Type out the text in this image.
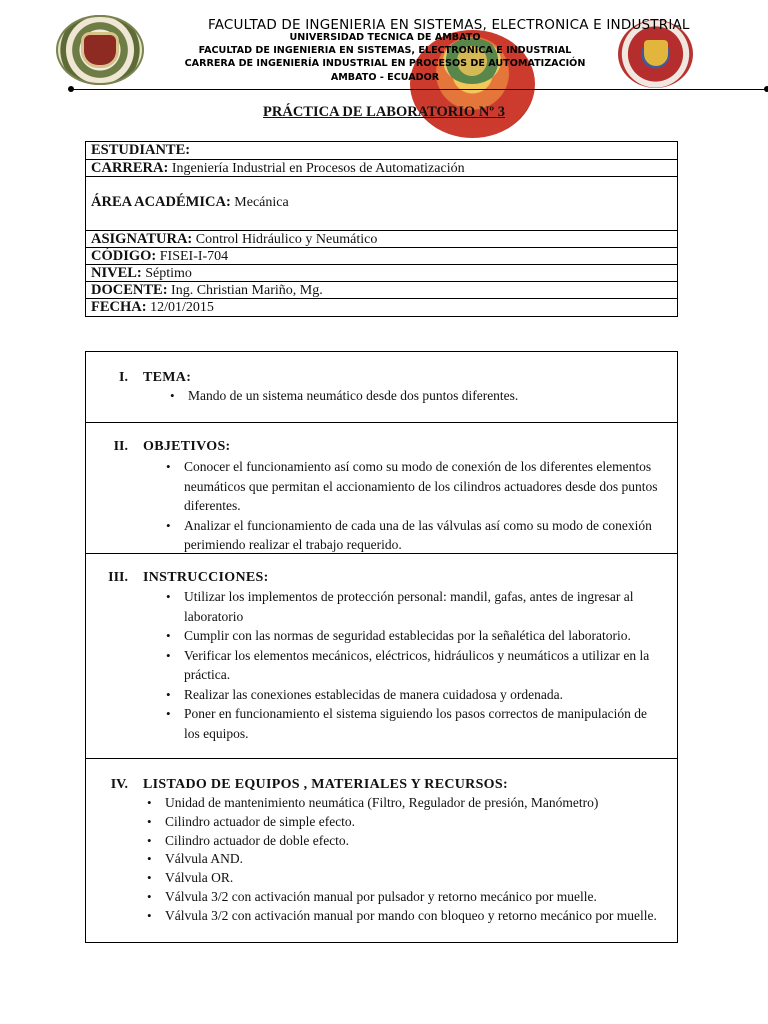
FACULTAD DE INGENIERIA EN SISTEMAS, ELECTRONICA E INDUSTRIAL
UNIVERSIDAD TECNICA DE AMBATO
FACULTAD DE INGENIERIA EN SISTEMAS, ELECTRONICA E INDUSTRIAL
CARRERA DE INGENIERÍA INDUSTRIAL EN PROCESOS DE AUTOMATIZACIÓN
AMBATO - ECUADOR
PRÁCTICA DE LABORATORIO Nº 3
ESTUDIANTE:
CARRERA: Ingeniería Industrial en Procesos de Automatización
ÁREA ACADÉMICA: Mecánica
ASIGNATURA: Control Hidráulico y Neumático
CÓDIGO: FISEI-I-704
NIVEL: Séptimo
DOCENTE: Ing. Christian Mariño, Mg.
FECHA: 12/01/2015
I. TEMA:
• Mando de un sistema neumático desde dos puntos diferentes.
II. OBJETIVOS:
• Conocer el funcionamiento así como su modo de conexión de los diferentes elementos neumáticos que permitan el accionamiento de los cilindros actuadores desde dos puntos diferentes.
• Analizar el funcionamiento de cada una de las válvulas así como su modo de conexión perimiendo realizar el trabajo requerido.
III. INSTRUCCIONES:
• Utilizar los implementos de protección personal: mandil, gafas, antes de ingresar al laboratorio
• Cumplir con las normas de seguridad establecidas por la señalética del laboratorio.
• Verificar los elementos mecánicos, eléctricos, hidráulicos y neumáticos a utilizar en la práctica.
• Realizar las conexiones establecidas de manera cuidadosa y ordenada.
• Poner en funcionamiento el sistema siguiendo los pasos correctos de manipulación de los equipos.
IV. LISTADO DE EQUIPOS , MATERIALES Y RECURSOS:
• Unidad de mantenimiento neumática (Filtro, Regulador de presión, Manómetro)
• Cilindro actuador de simple efecto.
• Cilindro actuador de doble efecto.
• Válvula AND.
• Válvula OR.
• Válvula 3/2 con activación manual por pulsador y retorno mecánico por muelle.
• Válvula 3/2 con activación manual por mando con bloqueo y retorno mecánico por muelle.
